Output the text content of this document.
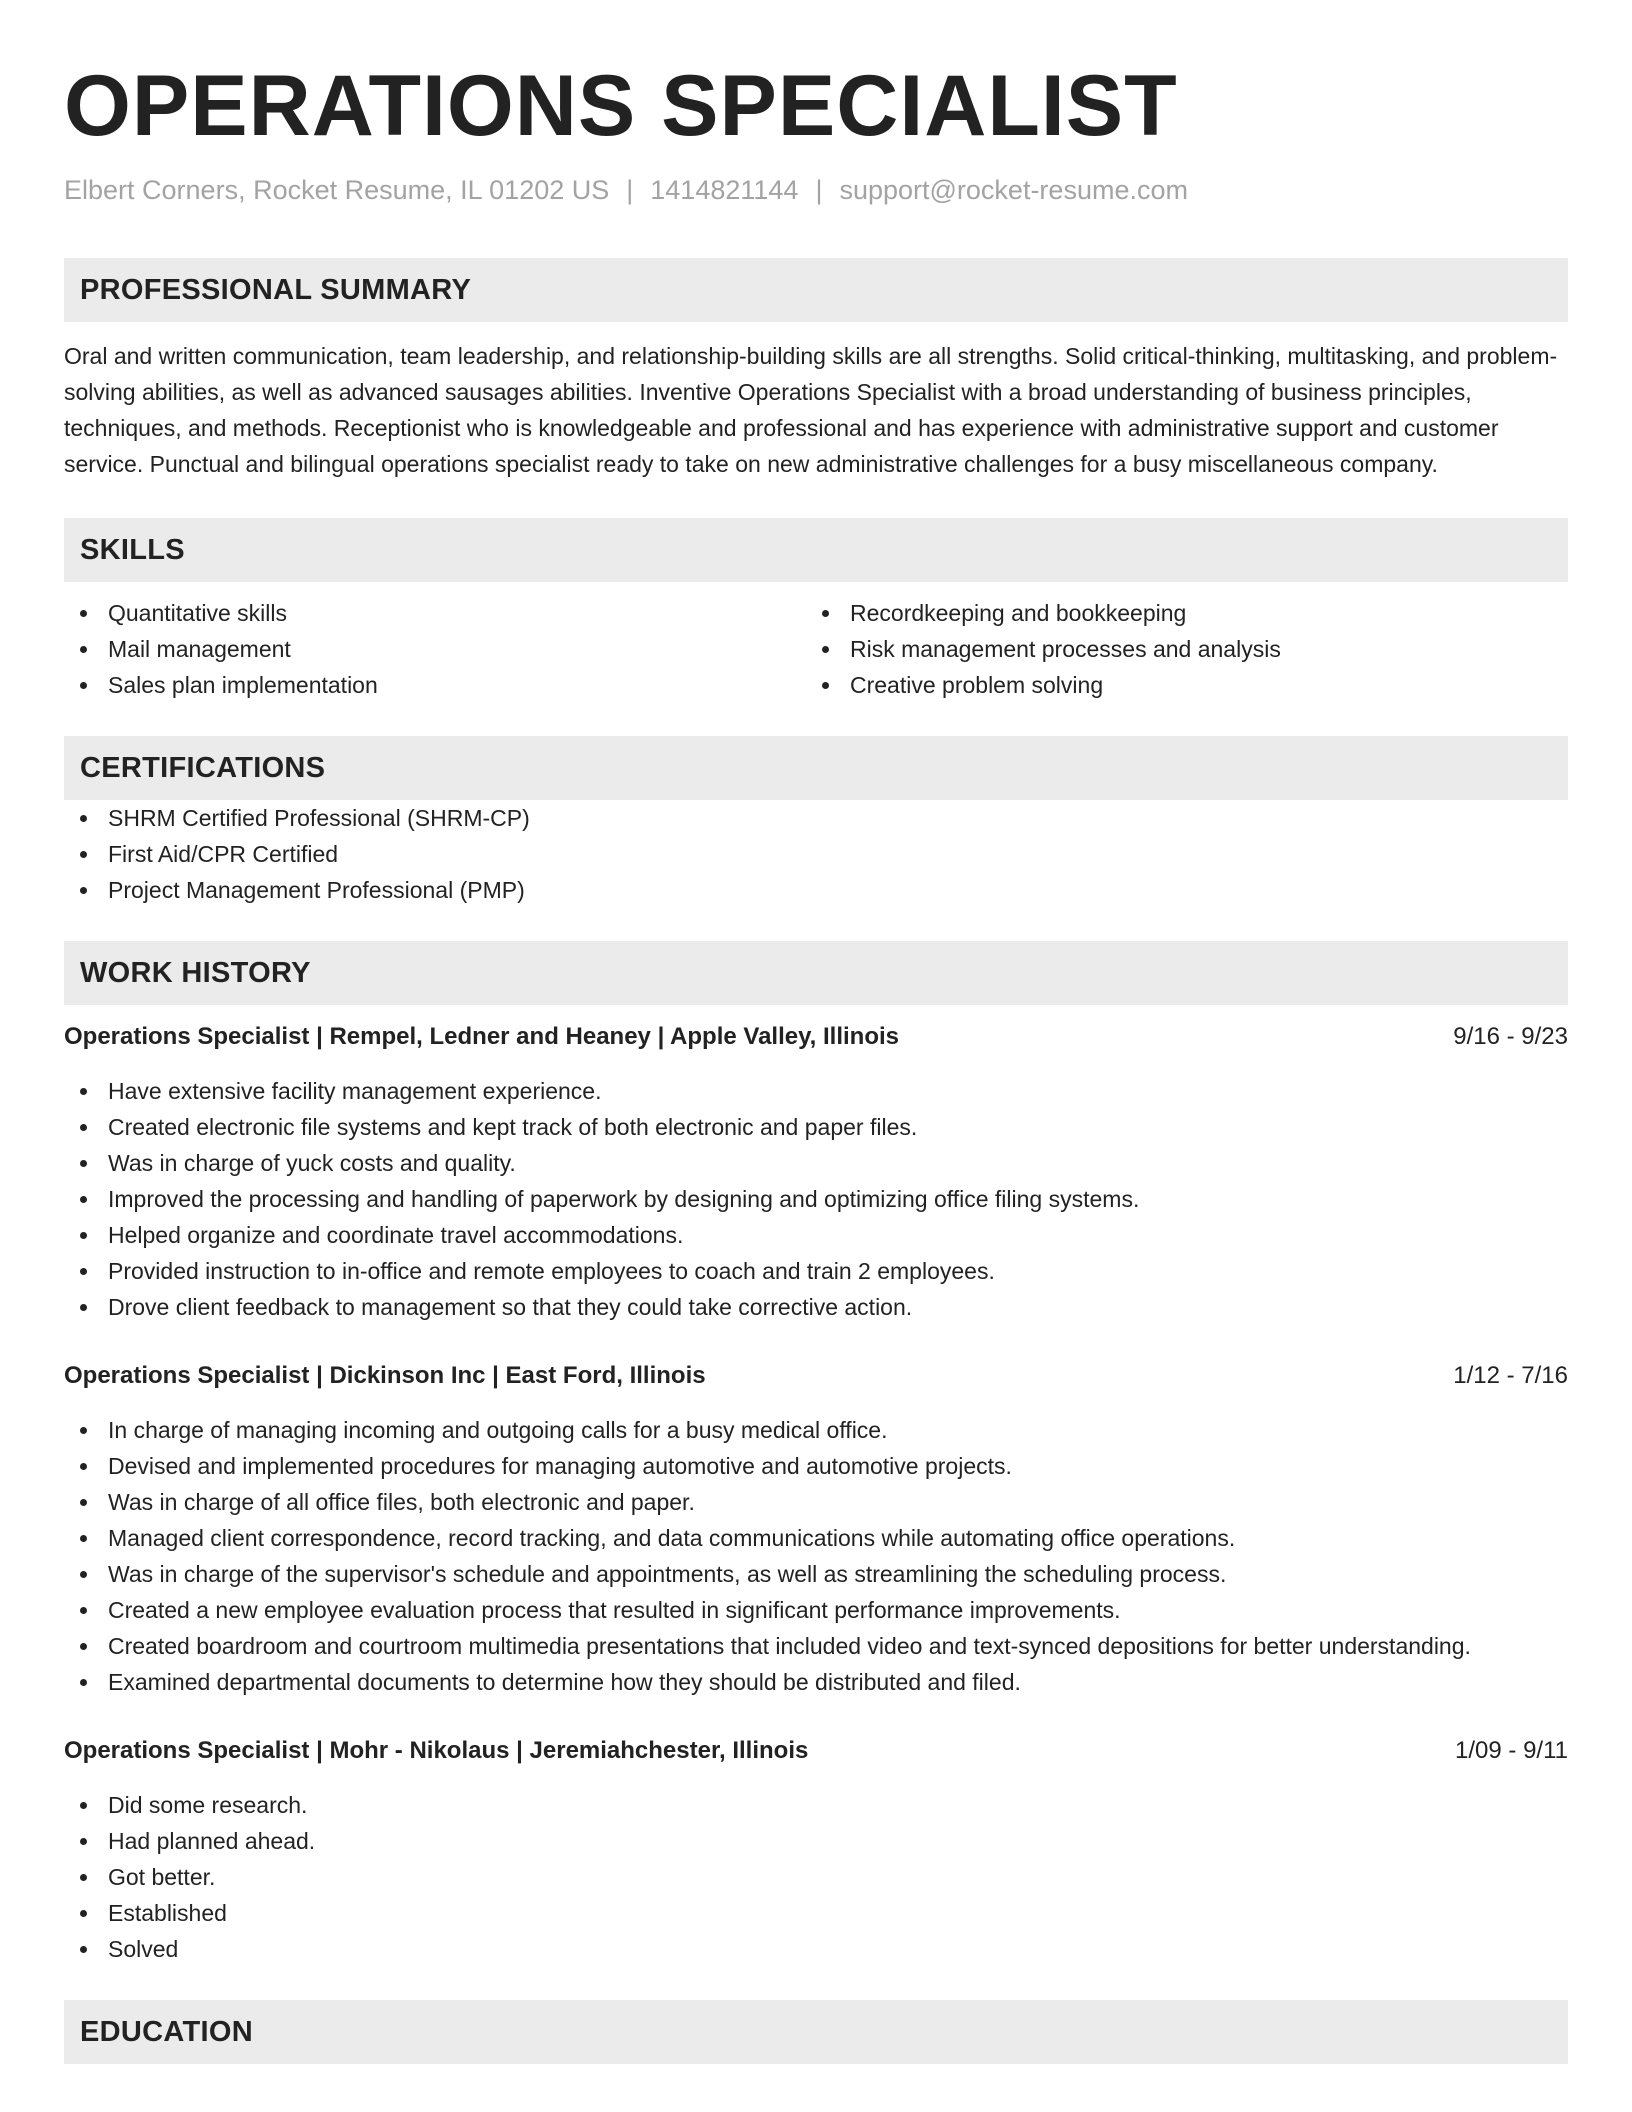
OPERATIONS SPECIALIST
Elbert Corners, Rocket Resume, IL 01202 US | 1414821144 | support@rocket-resume.com
PROFESSIONAL SUMMARY
Oral and written communication, team leadership, and relationship-building skills are all strengths. Solid critical-thinking, multitasking, and problem-solving abilities, as well as advanced sausages abilities. Inventive Operations Specialist with a broad understanding of business principles, techniques, and methods. Receptionist who is knowledgeable and professional and has experience with administrative support and customer service. Punctual and bilingual operations specialist ready to take on new administrative challenges for a busy miscellaneous company.
SKILLS
Quantitative skills
Mail management
Sales plan implementation
Recordkeeping and bookkeeping
Risk management processes and analysis
Creative problem solving
CERTIFICATIONS
SHRM Certified Professional (SHRM-CP)
First Aid/CPR Certified
Project Management Professional (PMP)
WORK HISTORY
Operations Specialist | Rempel, Ledner and Heaney | Apple Valley, Illinois	9/16 - 9/23
Have extensive facility management experience.
Created electronic file systems and kept track of both electronic and paper files.
Was in charge of yuck costs and quality.
Improved the processing and handling of paperwork by designing and optimizing office filing systems.
Helped organize and coordinate travel accommodations.
Provided instruction to in-office and remote employees to coach and train 2 employees.
Drove client feedback to management so that they could take corrective action.
Operations Specialist | Dickinson Inc | East Ford, Illinois	1/12 - 7/16
In charge of managing incoming and outgoing calls for a busy medical office.
Devised and implemented procedures for managing automotive and automotive projects.
Was in charge of all office files, both electronic and paper.
Managed client correspondence, record tracking, and data communications while automating office operations.
Was in charge of the supervisor's schedule and appointments, as well as streamlining the scheduling process.
Created a new employee evaluation process that resulted in significant performance improvements.
Created boardroom and courtroom multimedia presentations that included video and text-synced depositions for better understanding.
Examined departmental documents to determine how they should be distributed and filed.
Operations Specialist | Mohr - Nikolaus | Jeremiahchester, Illinois	1/09 - 9/11
Did some research.
Had planned ahead.
Got better.
Established
Solved
EDUCATION
